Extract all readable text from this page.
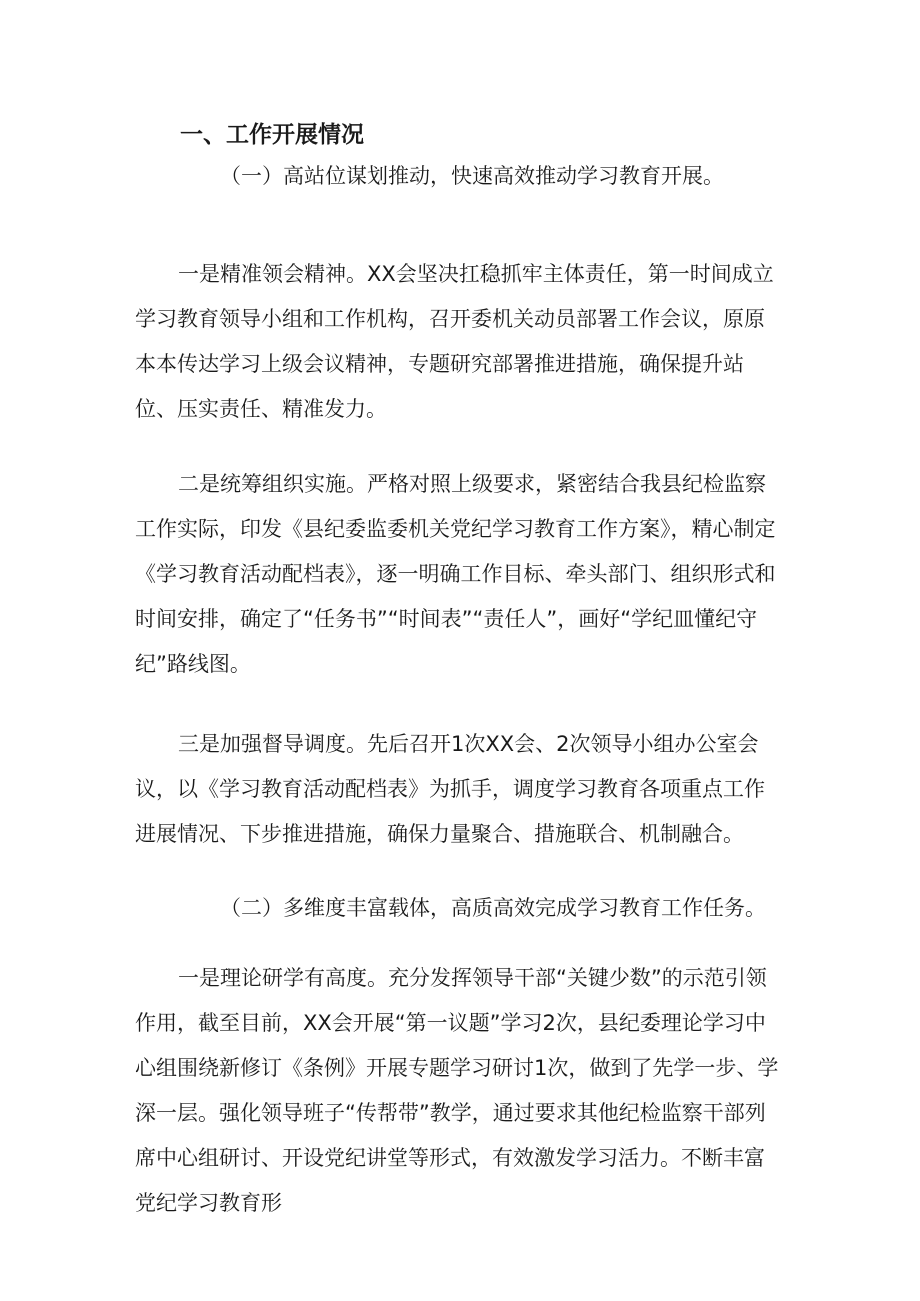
一、工作开展情况

（一）高站位谋划推动，快速高效推动学习教育开展。

一是精准领会精神。XX会坚决扛稳抓牢主体责任，第一时间成立学习教育领导小组和工作机构，召开委机关动员部署工作会议，原原本本传达学习上级会议精神，专题研究部署推进措施，确保提升站位、压实责任、精准发力。

二是统筹组织实施。严格对照上级要求，紧密结合我县纪检监察工作实际，印发《县纪委监委机关党纪学习教育工作方案》，精心制定《学习教育活动配档表》，逐一明确工作目标、牵头部门、组织形式和时间安排，确定了“任务书”“时间表”“责任人”，画好“学纪皿懂纪守纪”路线图。

三是加强督导调度。先后召开1次XX会、2次领导小组办公室会议，以《学习教育活动配档表》为抓手，调度学习教育各项重点工作进展情况、下步推进措施，确保力量聚合、措施联合、机制融合。

（二）多维度丰富载体，高质高效完成学习教育工作任务。

一是理论研学有高度。充分发挥领导干部“关键少数”的示范引领作用，截至目前，XX会开展“第一议题”学习2次，县纪委理论学习中心组围绕新修订《条例》开展专题学习研讨1次，做到了先学一步、学深一层。强化领导班子“传帮带”教学，通过要求其他纪检监察干部列席中心组研讨、开设党纪讲堂等形式，有效激发学习活力。不断丰富党纪学习教育形
